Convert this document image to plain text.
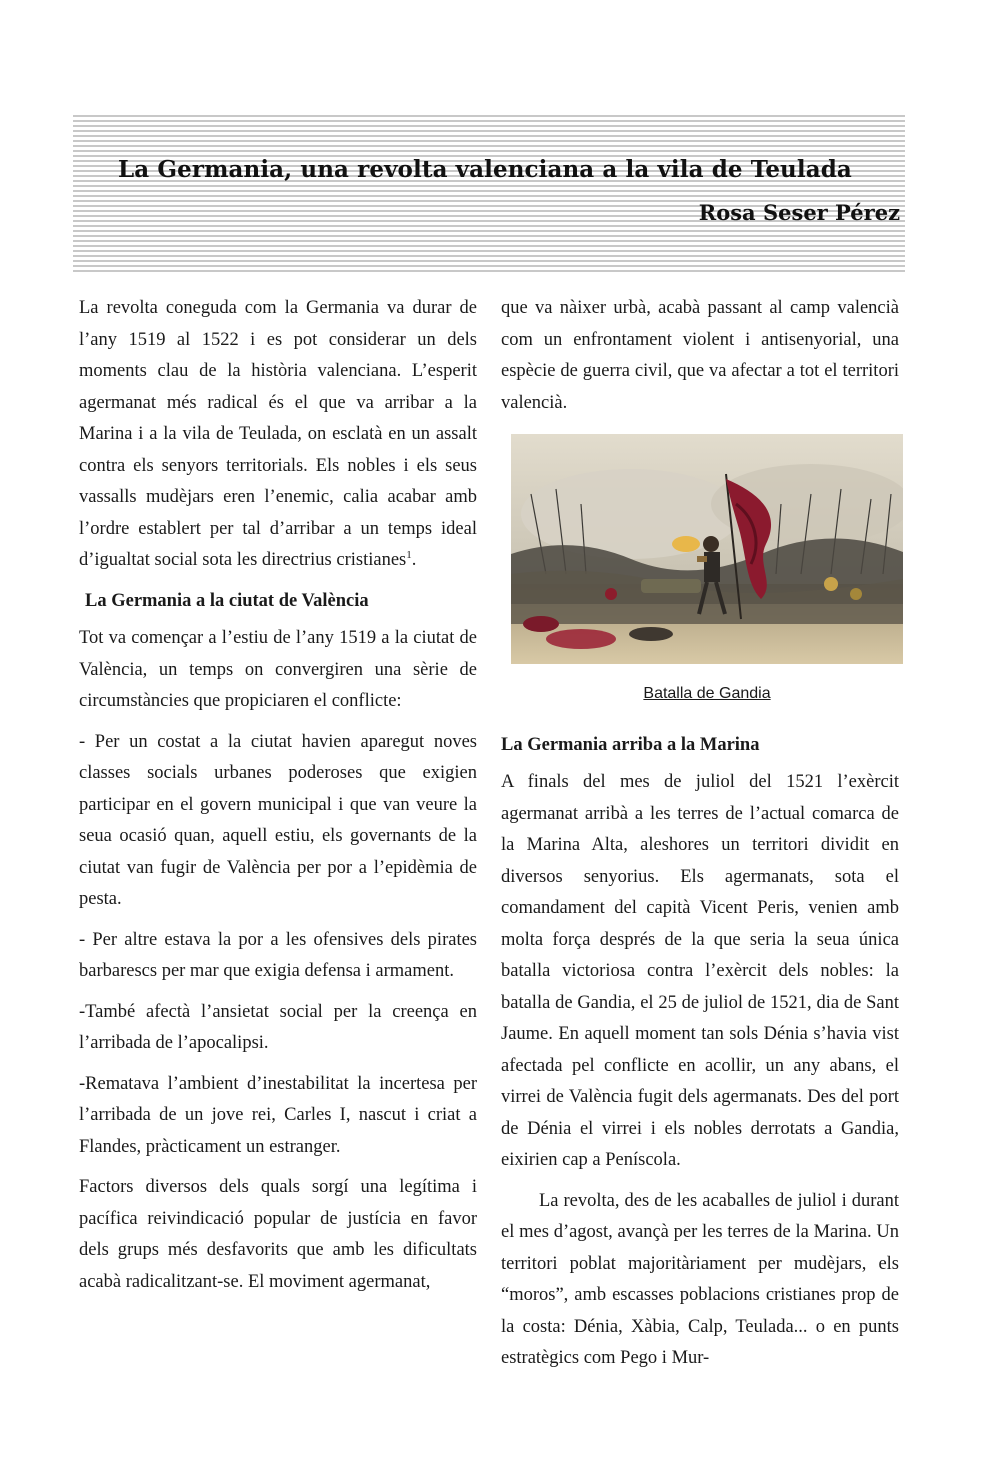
La Germania, una revolta valenciana a la vila de Teulada
Rosa Seser Pérez

La revolta coneguda com la Germania va durar de l’any 1519 al 1522 i es pot considerar un dels moments clau de la història valenciana. L’esperit agermanat més radical és el que va arribar a la Marina i a la vila de Teulada, on esclatà en un assalt contra els senyors territorials. Els nobles i els seus vassalls mudèjars eren l’enemic, calia acabar amb l’ordre establert per tal d’arribar a un temps ideal d’igualtat social sota les directrius cristianes$^1$.

La Germania a la ciutat de València

Tot va començar a l’estiu de l’any 1519 a la ciutat de València, un temps on convergiren una sèrie de circumstàncies que propiciaren el conflicte:

- Per un costat a la ciutat havien aparegut noves classes socials urbanes poderoses que exigien participar en el govern municipal i que van veure la seua ocasió quan, aquell estiu, els governants de la ciutat van fugir de València per por a l’epidèmia de pesta.

- Per altre estava la por a les ofensives dels pirates barbarescs per mar que exigia defensa i armament.

-També afectà l’ansietat social per la creença en l’arribada de l’apocalipsi.

-Rematava l’ambient d’inestabilitat la incertesa per l’arribada de un jove rei, Carles I, nascut i criat a Flandes, pràcticament un estranger.

Factors diversos dels quals sorgí una legítima i pacífica reivindicació popular de justícia en favor dels grups més desfavorits que amb les dificultats acabà radicalitzant-se. El moviment agermanat,

que va nàixer urbà, acabà passant al camp valencià com un enfrontament violent i antisenyorial, una espècie de guerra civil, que va afectar a tot el territori valencià.

Batalla de Gandia
La Germania arriba a la Marina

A finals del mes de juliol del 1521 l’exèrcit agermanat arribà a les terres de l’actual comarca de la Marina Alta, aleshores un territori dividit en diversos senyorius. Els agermanats, sota el comandament del capità Vicent Peris, venien amb molta força després de la que seria la seua única batalla victoriosa contra l’exèrcit dels nobles: la batalla de Gandia, el 25 de juliol de 1521, dia de Sant Jaume. En aquell moment tan sols Dénia s’havia vist afectada pel conflicte en acollir, un any abans, el virrei de València fugit dels agermanats. Des del port de Dénia el virrei i els nobles derrotats a Gandia, eixirien cap a Peníscola.

La revolta, des de les acaballes de juliol i durant el mes d’agost, avançà per les terres de la Marina. Un territori poblat majoritàriament per mudèjars, els “moros”, amb escasses poblacions cristianes prop de la costa: Dénia, Xàbia, Calp, Teulada... o en punts estratègics com Pego i Mur-
